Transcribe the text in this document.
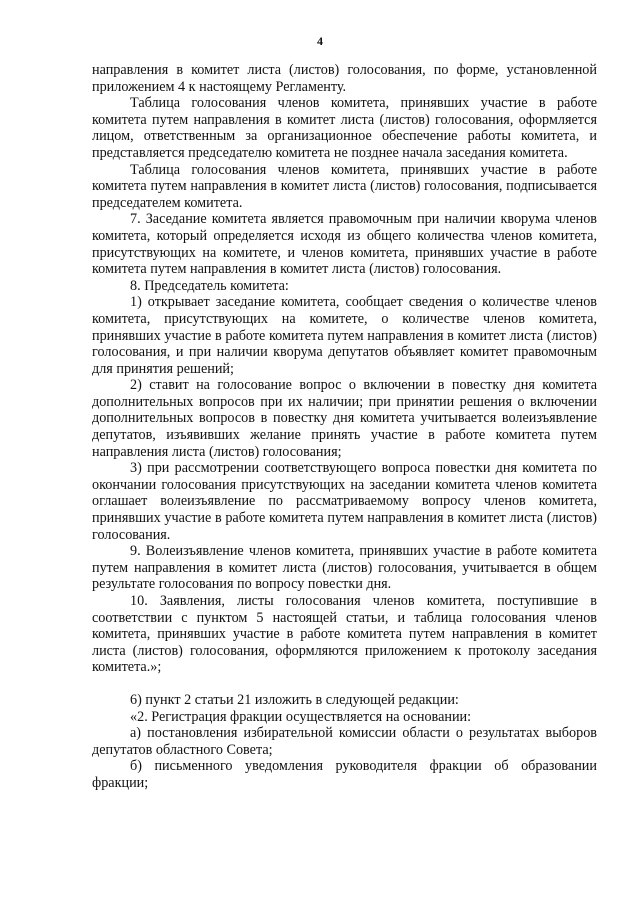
4

направления в комитет листа (листов) голосования, по форме, установленной приложением 4 к настоящему Регламенту.

Таблица голосования членов комитета, принявших участие в работе комитета путем направления в комитет листа (листов) голосования, оформляется лицом, ответственным за организационное обеспечение работы комитета, и представляется председателю комитета не позднее начала заседания комитета.

Таблица голосования членов комитета, принявших участие в работе комитета путем направления в комитет листа (листов) голосования, подписывается председателем комитета.

7. Заседание комитета является правомочным при наличии кворума членов комитета, который определяется исходя из общего количества членов комитета, присутствующих на комитете, и членов комитета, принявших участие в работе комитета путем направления в комитет листа (листов) голосования.

8. Председатель комитета:

1) открывает заседание комитета, сообщает сведения о количестве членов комитета, присутствующих на комитете, о количестве членов комитета, принявших участие в работе комитета путем направления в комитет листа (листов) голосования, и при наличии кворума депутатов объявляет комитет правомочным для принятия решений;

2) ставит на голосование вопрос о включении в повестку дня комитета дополнительных вопросов при их наличии; при принятии решения о включении дополнительных вопросов в повестку дня комитета учитывается волеизъявление депутатов, изъявивших желание принять участие в работе комитета путем направления листа (листов) голосования;

3) при рассмотрении соответствующего вопроса повестки дня комитета по окончании голосования присутствующих на заседании комитета членов комитета оглашает волеизъявление по рассматриваемому вопросу членов комитета, принявших участие в работе комитета путем направления в комитет листа (листов) голосования.

9. Волеизъявление членов комитета, принявших участие в работе комитета путем направления в комитет листа (листов) голосования, учитывается в общем результате голосования по вопросу повестки дня.

10. Заявления, листы голосования членов комитета, поступившие в соответствии с пунктом 5 настоящей статьи, и таблица голосования членов комитета, принявших участие в работе комитета путем направления в комитет листа (листов) голосования, оформляются приложением к протоколу заседания комитета.»;

6) пункт 2 статьи 21 изложить в следующей редакции:

«2. Регистрация фракции осуществляется на основании:

а) постановления избирательной комиссии области о результатах выборов депутатов областного Совета;

б) письменного уведомления руководителя фракции об образовании фракции;
